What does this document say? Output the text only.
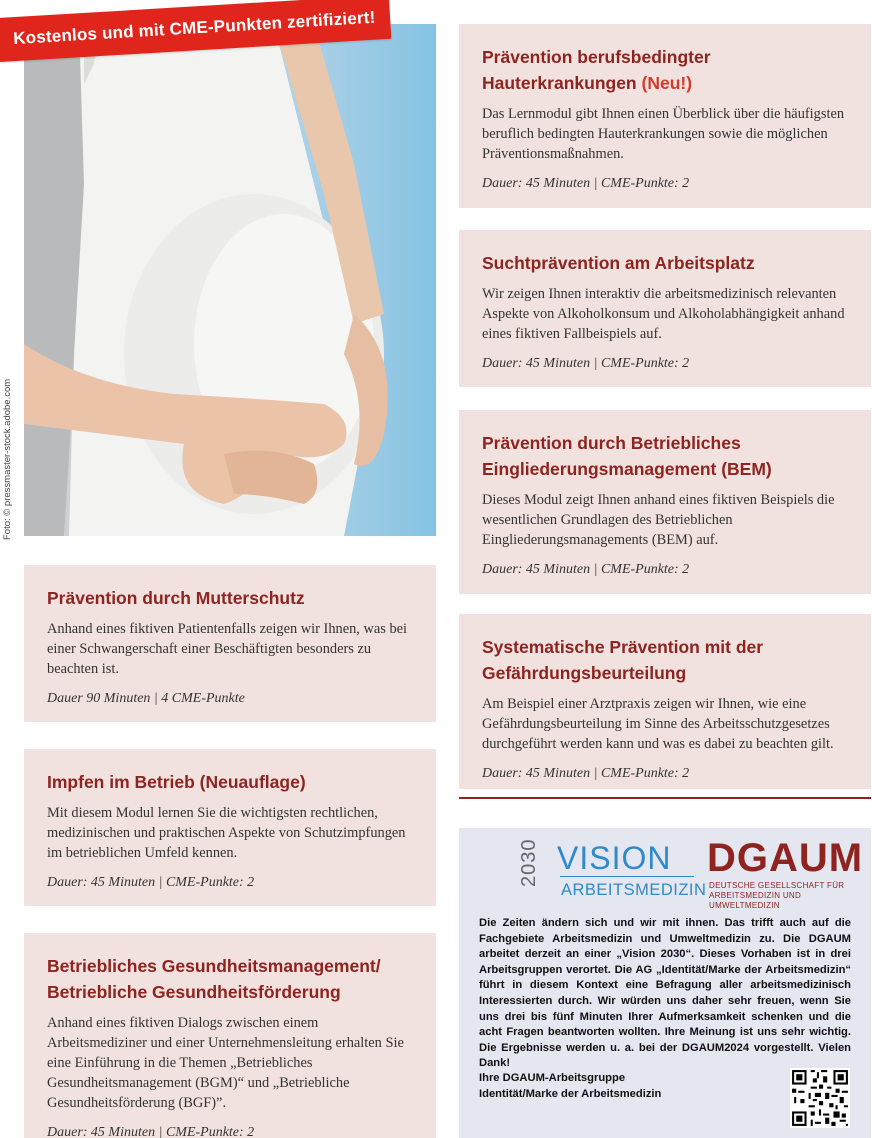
Kostenlos und mit CME-Punkten zertifiziert!
Foto: © pressmaster-stock.adobe.com
Prävention berufsbedingter Hauterkrankungen (Neu!)

Das Lernmodul gibt Ihnen einen Überblick über die häufigsten beruflich bedingten Hauterkrankungen sowie die möglichen Präventionsmaßnahmen.

Dauer: 45 Minuten | CME-Punkte: 2

Suchtprävention am Arbeitsplatz

Wir zeigen Ihnen interaktiv die arbeitsmedizinisch relevanten Aspekte von Alkoholkonsum und Alkoholabhängigkeit anhand eines fiktiven Fallbeispiels auf.

Dauer: 45 Minuten | CME-Punkte: 2

Prävention durch Betriebliches Eingliederungsmanagement (BEM)

Dieses Modul zeigt Ihnen anhand eines fiktiven Beispiels die wesentlichen Grundlagen des Betrieblichen Eingliederungsmanagements (BEM) auf.

Dauer: 45 Minuten | CME-Punkte: 2

Systematische Prävention mit der Gefährdungsbeurteilung

Am Beispiel einer Arztpraxis zeigen wir Ihnen, wie eine Gefährdungsbeurteilung im Sinne des Arbeitsschutzgesetzes durchgeführt werden kann und was es dabei zu beachten gilt.

Dauer: 45 Minuten | CME-Punkte: 2

Prävention durch Mutterschutz

Anhand eines fiktiven Patientenfalls zeigen wir Ihnen, was bei einer Schwangerschaft einer Beschäftigten besonders zu beachten ist.

Dauer 90 Minuten | 4 CME-Punkte

Impfen im Betrieb (Neuauflage)

Mit diesem Modul lernen Sie die wichtigsten rechtlichen, medizinischen und praktischen Aspekte von Schutzimpfungen im betrieblichen Umfeld kennen.

Dauer: 45 Minuten | CME-Punkte: 2

Betriebliches Gesundheitsmanagement/ Betriebliche Gesundheitsförderung

Anhand eines fiktiven Dialogs zwischen einem Arbeitsmediziner und einer Unternehmensleitung erhalten Sie eine Einführung in die Themen „Betriebliches Gesundheitsmanagement (BGM)“ und „Betriebliche Gesundheitsförderung (BGF)”.

Dauer: 45 Minuten | CME-Punkte: 2

2030 VISION
ARBEITSMEDIZIN
DGAUM
DEUTSCHE GESELLSCHAFT FÜR
ARBEITSMEDIZIN UND UMWELTMEDIZIN

Die Zeiten ändern sich und wir mit ihnen. Das trifft auch auf die Fachgebiete Arbeitsmedizin und Umweltmedizin zu. Die DGAUM arbeitet derzeit an einer „Vision 2030“. Dieses Vorhaben ist in drei Arbeitsgruppen verortet. Die AG „Identität/Marke der Arbeitsmedizin“ führt in diesem Kontext eine Befragung aller arbeitsmedizinisch Interessierten durch. Wir würden uns daher sehr freuen, wenn Sie uns drei bis fünf Minuten Ihrer Aufmerksamkeit schenken und die acht Fragen beantworten wollten. Ihre Meinung ist uns sehr wichtig. Die Ergebnisse werden u. a. bei der DGAUM2024 vorgestellt. Vielen Dank!

Ihre DGAUM-Arbeitsgruppe
Identität/Marke der Arbeitsmedizin
